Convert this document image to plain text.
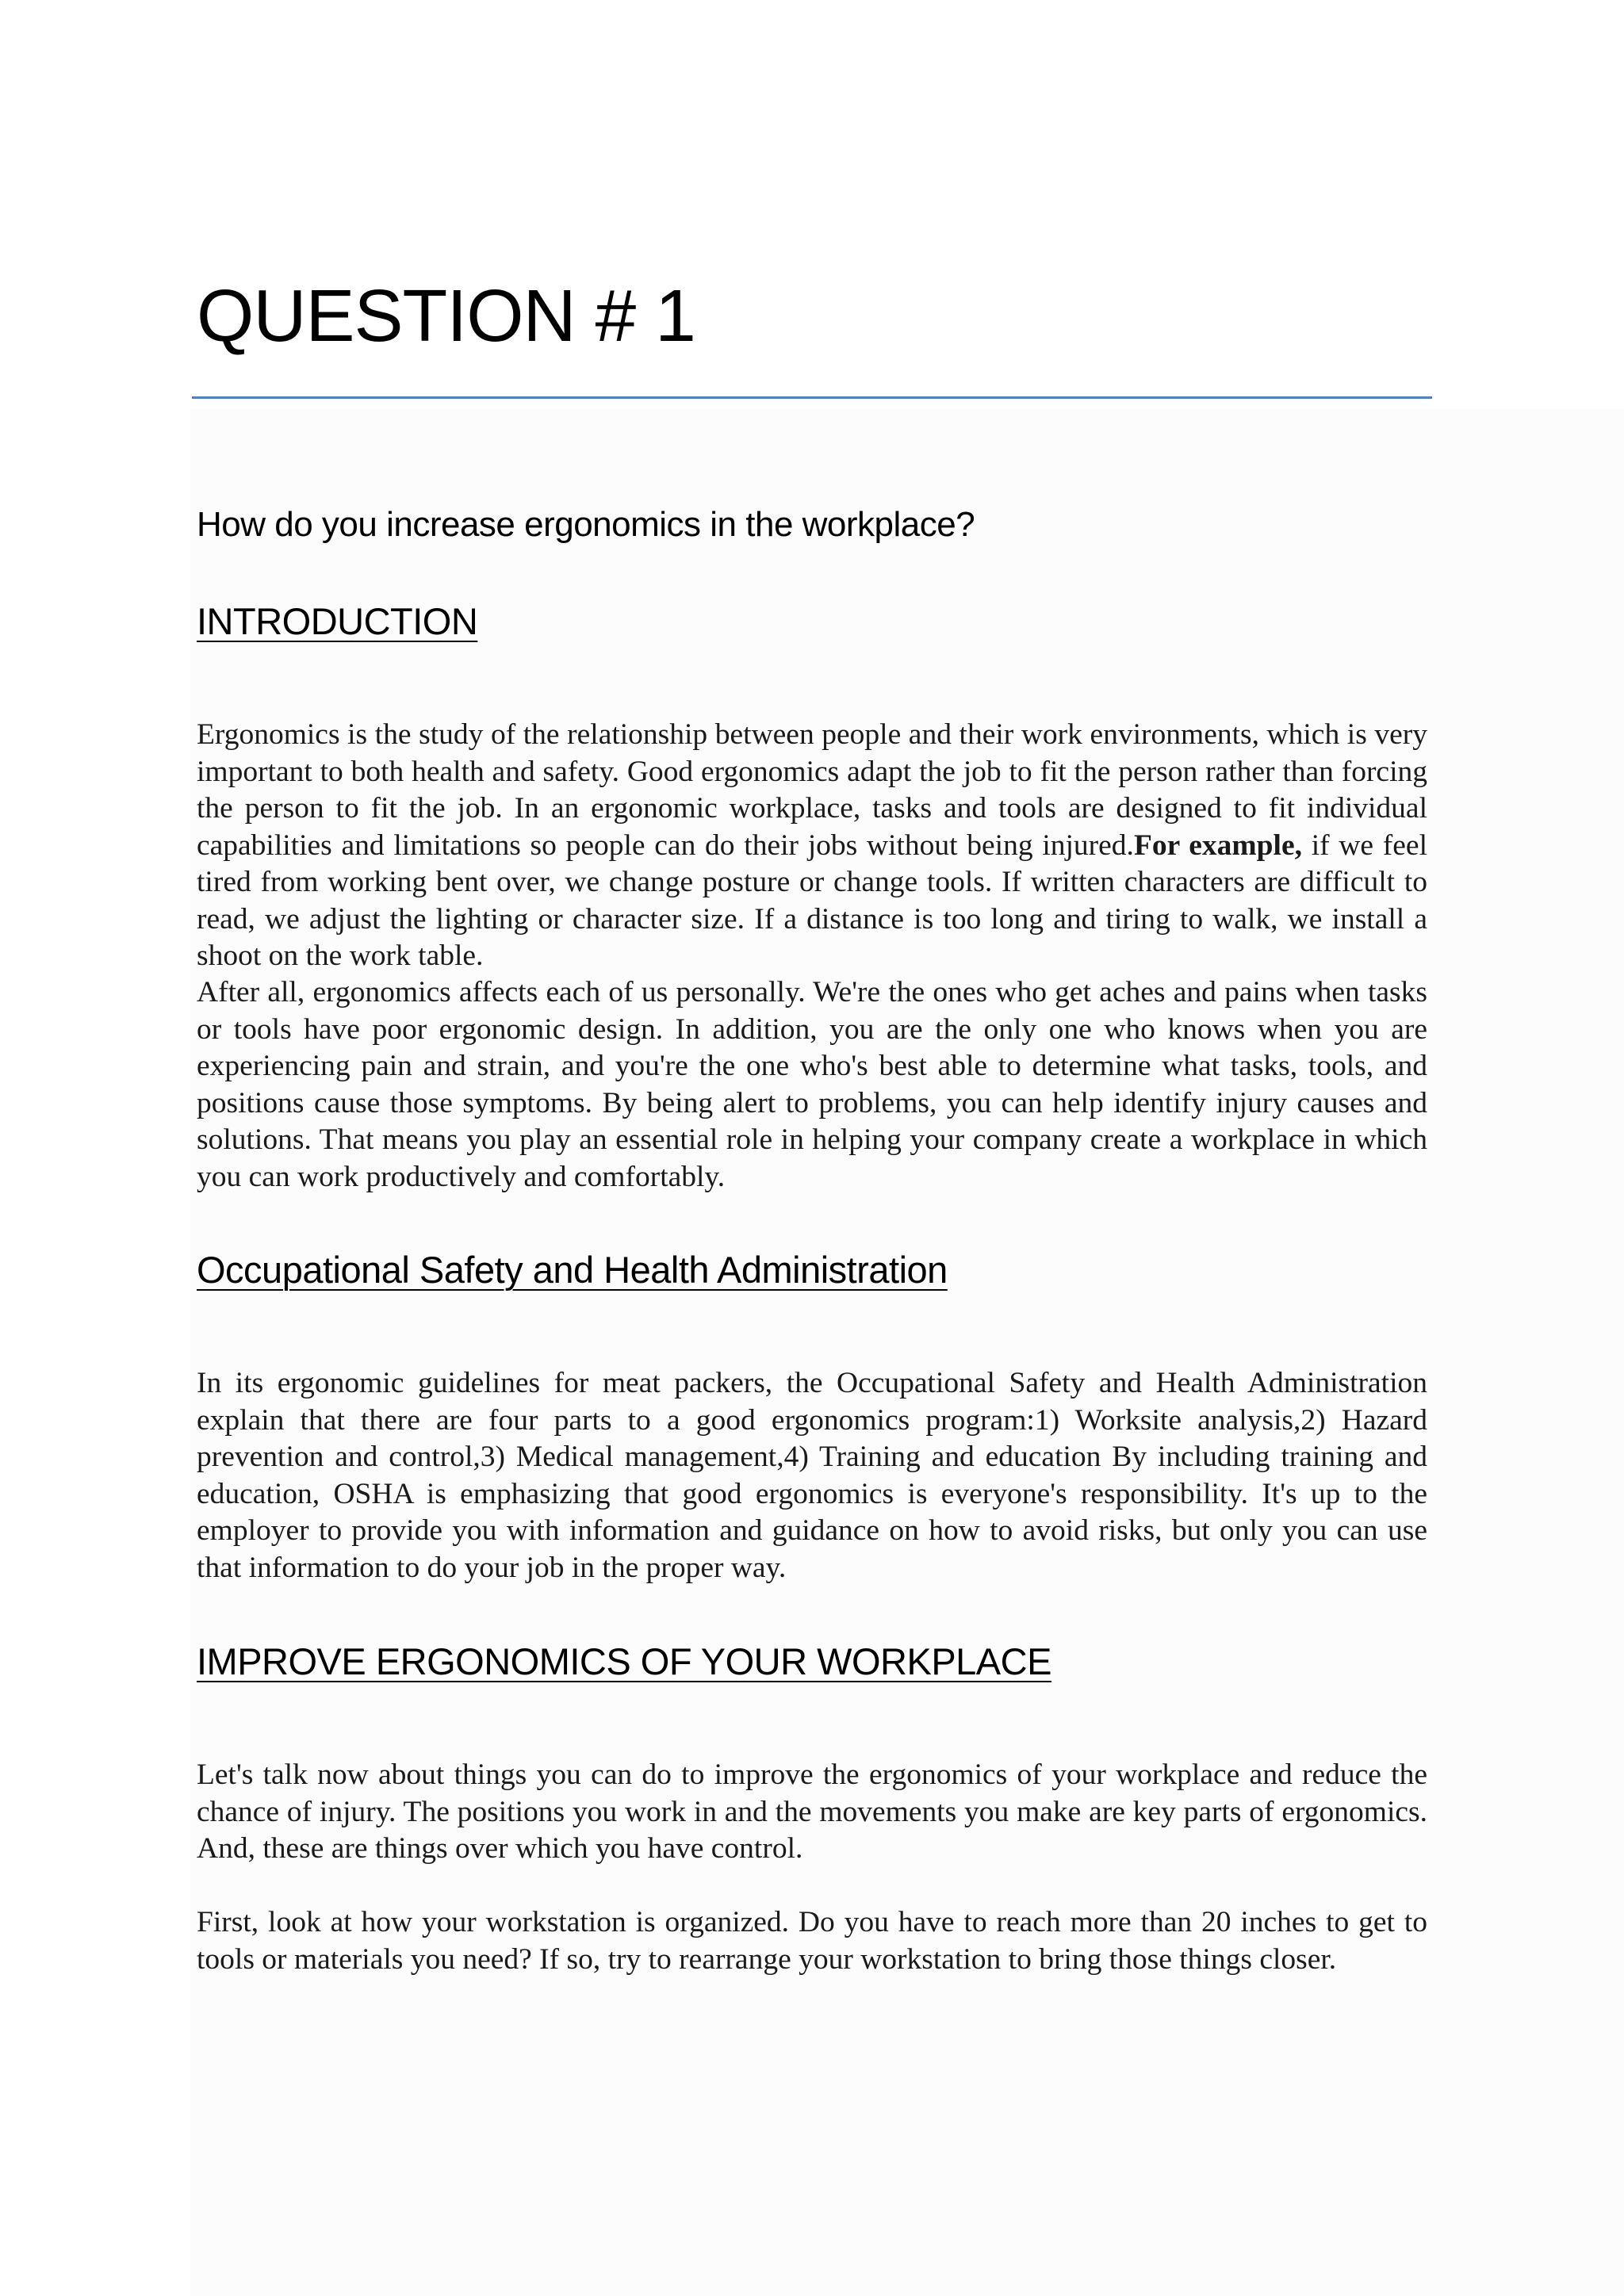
QUESTION # 1
How do you increase ergonomics in the workplace?
INTRODUCTION

Ergonomics is the study of the relationship between people and their work environments, which is very important to both health and safety. Good ergonomics adapt the job to fit the person rather than forcing the person to fit the job. In an ergonomic workplace, tasks and tools are designed to fit individual capabilities and limitations so people can do their jobs without being injured.For example, if we feel tired from working bent over, we change posture or change tools. If written characters are difficult to read, we adjust the lighting or character size. If a distance is too long and tiring to walk, we install a shoot on the work table.

After all, ergonomics affects each of us personally. We're the ones who get aches and pains when tasks or tools have poor ergonomic design. In addition, you are the only one who knows when you are experiencing pain and strain, and you're the one who's best able to determine what tasks, tools, and positions cause those symptoms. By being alert to problems, you can help identify injury causes and solutions. That means you play an essential role in helping your company create a workplace in which you can work productively and comfortably.

Occupational Safety and Health Administration

In its ergonomic guidelines for meat packers, the Occupational Safety and Health Administration explain that there are four parts to a good ergonomics program:1) Worksite analysis,2) Hazard prevention and control,3) Medical management,4) Training and education By including training and education, OSHA is emphasizing that good ergonomics is everyone's responsibility. It's up to the employer to provide you with information and guidance on how to avoid risks, but only you can use that information to do your job in the proper way.

IMPROVE ERGONOMICS OF YOUR WORKPLACE

Let's talk now about things you can do to improve the ergonomics of your workplace and reduce the chance of injury. The positions you work in and the movements you make are key parts of ergonomics. And, these are things over which you have control.

First, look at how your workstation is organized. Do you have to reach more than 20 inches to get to tools or materials you need? If so, try to rearrange your workstation to bring those things closer.
